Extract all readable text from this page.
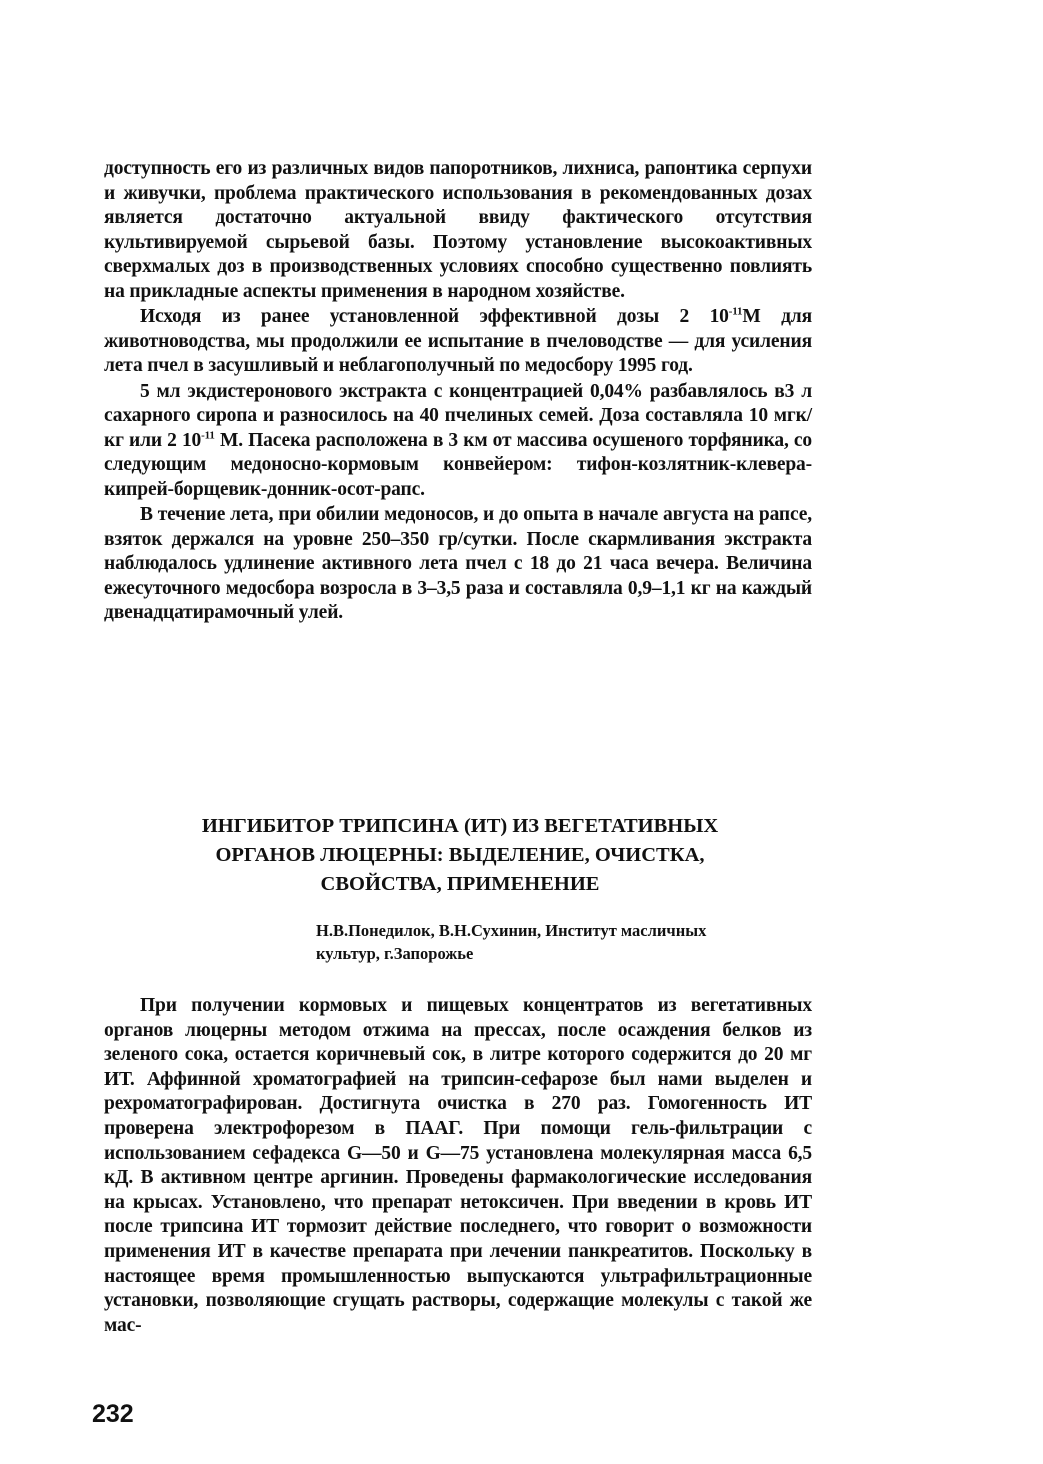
доступность его из различных видов папоротников, лихниса, рапонтика серпухи и живучки, проблема практического использования в рекомендованных дозах является достаточно актуальной ввиду фактического отсутствия культивируемой сырьевой базы. Поэтому установление высокоактивных сверхмалых доз в производственных условиях способно существенно повлиять на прикладные аспекты применения в народном хозяйстве.

Исходя из ранее установленной эффективной дозы 2 $10^{-11}М$ для животноводства, мы продолжили ее испытание в пчеловодстве — для усиления лета пчел в засушливый и неблагополучный по медосбору 1995 год.

5 мл экдистеронового экстракта с концентрацией 0,04% разбавлялось в3 л сахарного сиропа и разносилось на 40 пчелиных семей. Доза составляла 10 мгк/кг или 2 $10^{-11}$ М. Пасека расположена в 3 км от массива осушеного торфяника, со следующим медоносно-кормовым конвейером: тифон-козлятник-клевера-кипрей-борщевик-донник-осот-рапс.

В течение лета, при обилии медоносов, и до опыта в начале августа на рапсе, взяток держался на уровне 250–350 гр/сутки. После скармливания экстракта наблюдалось удлинение активного лета пчел с 18 до 21 часа вечера. Величина ежесуточного медосбора возросла в 3–3,5 раза и составляла 0,9–1,1 кг на каждый двенадцатирамочный улей.

ИНГИБИТОР ТРИПСИНА (ИТ) ИЗ ВЕГЕТАТИВНЫХ
ОРГАНОВ ЛЮЦЕРНЫ: ВЫДЕЛЕНИЕ, ОЧИСТКА,
СВОЙСТВА, ПРИМЕНЕНИЕ
Н.В.Понедилок, В.Н.Сухинин, Институт масличных
культур, г.Запорожье

При получении кормовых и пищевых концентратов из вегетативных органов люцерны методом отжима на прессах, после осаждения белков из зеленого сока, остается коричневый сок, в литре которого содержится до 20 мг ИТ. Аффинной хроматографией на трипсин-сефарозе был нами выделен и рехроматографирован. Достигнута очистка в 270 раз. Гомогенность ИТ проверена электрофорезом в ПААГ. При помощи гель-фильтрации с использованием сефадекса G—50 и G—75 установлена молекулярная масса 6,5 кД. В активном центре аргинин. Проведены фармакологические исследования на крысах. Установлено, что препарат нетоксичен. При введении в кровь ИТ после трипсина ИТ тормозит действие последнего, что говорит о возможности применения ИТ в качестве препарата при лечении панкреатитов. Поскольку в настоящее время промышленностью выпускаются ультрафильтрационные установки, позволяющие сгущать растворы, содержащие молекулы с такой же мас-

232
